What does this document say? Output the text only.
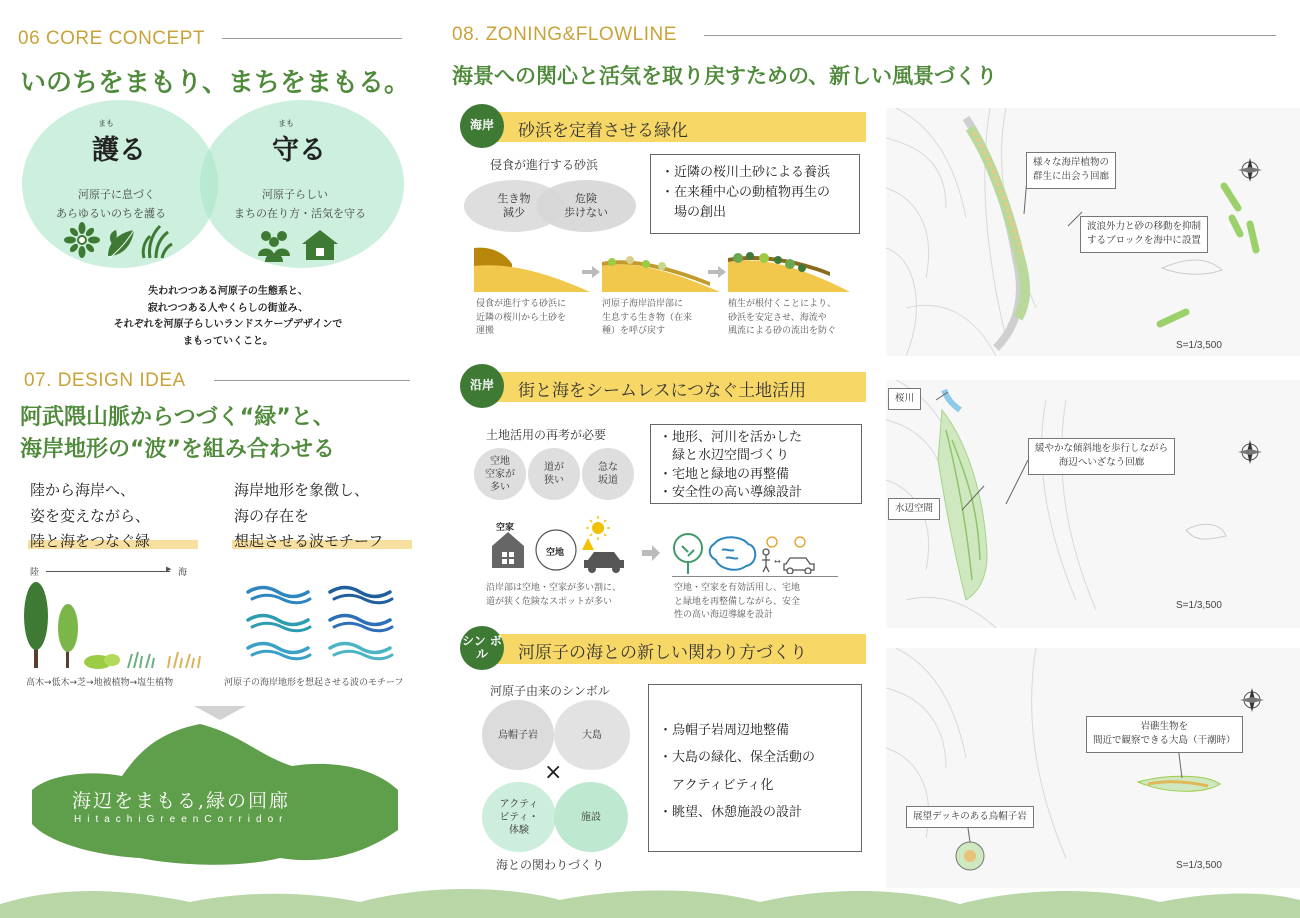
06 CORE CONCEPT
いのちをまもり、まちをまもる。
まも
護る
まも
守る
河原子に息づく
あらゆるいのちを護る
河原子らしい
まちの在り方・活気を守る
失われつつある河原子の生態系と、
寂れつつある人やくらしの街並み、
それぞれを河原子らしいランドスケープデザインで
まもっていくこと。
07. DESIGN IDEA
阿武隈山脈からつづく“緑”と、
海岸地形の“波”を組み合わせる
陸から海岸へ、
姿を変えながら、
陸と海をつなぐ緑
海岸地形を象徴し、
海の存在を
想起させる波モチーフ
陸	▶ 海
高木→低木→芝→地被植物→塩生植物	河原子の海岸地形を想起させる波のモチーフ
海辺をまもる,緑の回廊
HitachiGreenCorridor
08. ZONING&FLOWLINE
海景への関心と活気を取り戻すための、新しい風景づくり
海岸	砂浜を定着させる緑化
侵食が進行する砂浜
生き物
減少
危険
歩けない
・近隣の桜川土砂による養浜
・在来種中心の動植物再生の
　場の創出
侵食が進行する砂浜に
近隣の桜川から土砂を
運搬
河原子海岸沿岸部に
生息する生き物（在来
種）を呼び戻す
植生が根付くことにより、
砂浜を安定させ、海流や
風流による砂の流出を防ぐ
沿岸	街と海をシームレスにつなぐ土地活用
土地活用の再考が必要
空地
空家が
多い
道が
狭い
急な
坂道
・地形、河川を活かした
　緑と水辺空間づくり
・宅地と緑地の再整備
・安全性の高い導線設計
空家
空地
↔
沿岸部は空地・空家が多い割に、
道が狭く危険なスポットが多い
空地・空家を有効活用し、宅地
と緑地を再整備しながら、安全
性の高い海辺導線を設計
シン ボル	河原子の海との新しい関わり方づくり
河原子由来のシンボル
烏帽子岩	大島
×
アクティ
ビティ・
体験
施設
海との関わりづくり
・烏帽子岩周辺地整備
・大島の緑化、保全活動の
　アクティビティ化
・眺望、休憩施設の設計
様々な海岸植物の
群生に出会う回廊
波浪外力と砂の移動を抑制
するブロックを海中に設置
S=1/3,500
桜川
緩やかな傾斜地を歩行しながら
海辺へいざなう回廊
水辺空間
S=1/3,500
岩礁生物を
間近で観察できる大島（干潮時）
展望デッキのある烏帽子岩
S=1/3,500
